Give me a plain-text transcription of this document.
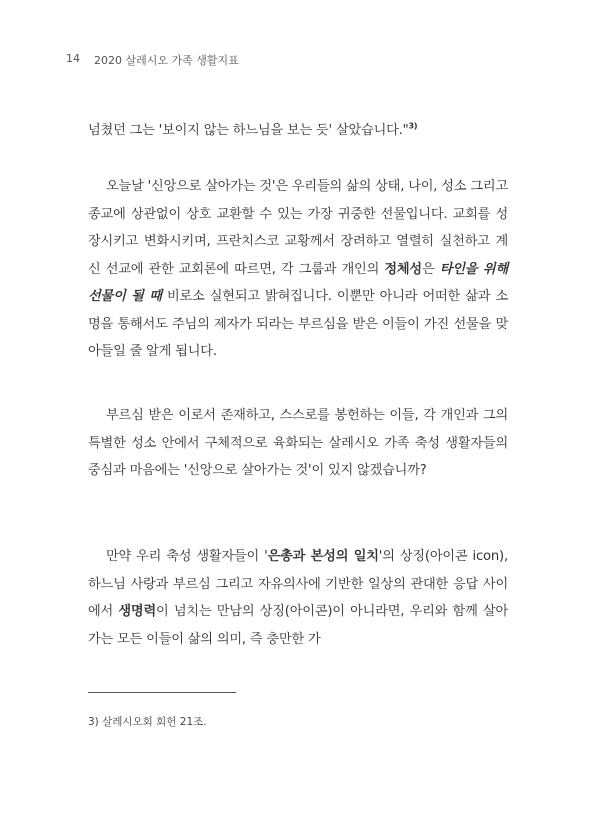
14 2020 살레시오 가족 생활지표
넘쳤던 그는 '보이지 않는 하느님을 보는 듯' 살았습니다."$^{3)}$
오늘날 '신앙으로 살아가는 것'은 우리들의 삶의 상태, 나이, 성소 그리고 종교에 상관없이 상호 교환할 수 있는 가장 귀중한 선물입니다. 교회를 성장시키고 변화시키며, 프란치스코 교황께서 장려하고 열렬히 실천하고 계신 선교에 관한 교회론에 따르면, 각 그룹과 개인의 정체성은 타인을 위해 선물이 될 때 비로소 실현되고 밝혀집니다. 이뿐만 아니라 어떠한 삶과 소명을 통해서도 주님의 제자가 되라는 부르심을 받은 이들이 가진 선물을 맞아들일 줄 알게 됩니다.
부르심 받은 이로서 존재하고, 스스로를 봉헌하는 이들, 각 개인과 그의 특별한 성소 안에서 구체적으로 육화되는 살레시오 가족 축성 생활자들의 중심과 마음에는 '신앙으로 살아가는 것'이 있지 않겠습니까?
만약 우리 축성 생활자들이 '은총과 본성의 일치'의 상징(아이콘 icon), 하느님 사랑과 부르심 그리고 자유의사에 기반한 일상의 관대한 응답 사이에서 생명력이 넘치는 만남의 상징(아이콘)이 아니라면, 우리와 함께 살아가는 모든 이들이 삶의 의미, 즉 충만한 가
3) 살레시오회 회헌 21조.
